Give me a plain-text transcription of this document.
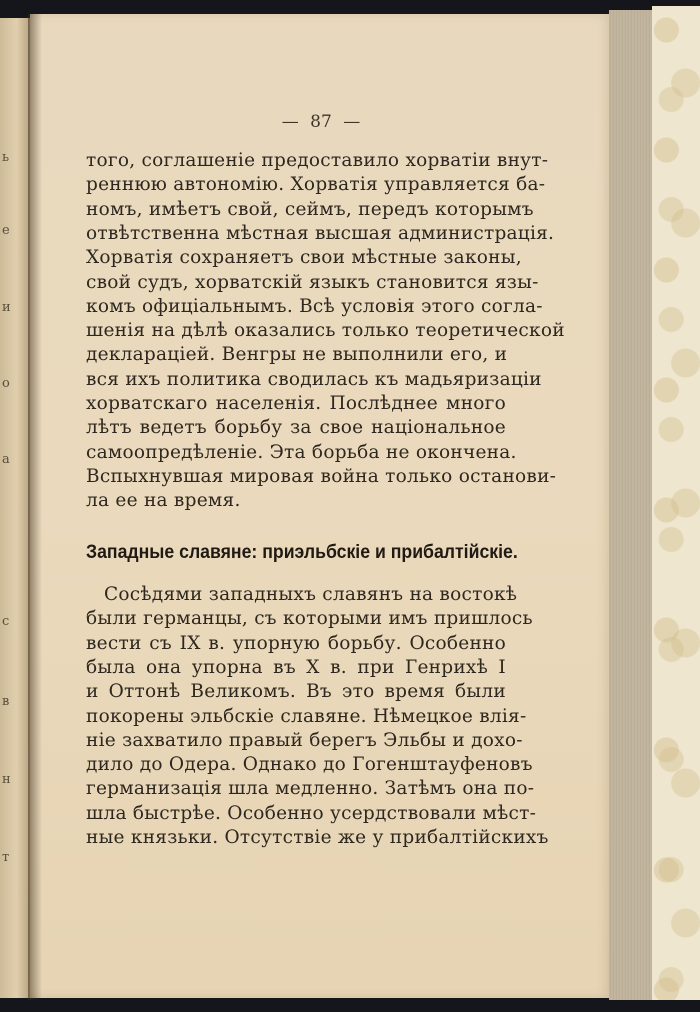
ь
е
и
о
а
с
в
н
т
— 87 —
того, соглашеніе предоставило хорватіи внут-
реннюю автономію. Хорватія управляется ба-
номъ, имѣетъ свой, сеймъ, передъ которымъ
отвѣтственна мѣстная высшая администрація.
Хорватія сохраняетъ свои мѣстные законы,
свой судъ, хорватскій языкъ становится язы-
комъ офиціальнымъ. Всѣ условія этого согла-
шенія на дѣлѣ оказались только теоретической
деклараціей. Венгры не выполнили его, и
вся ихъ политика сводилась къ мадьяризаціи
хорватскаго населенія. Послѣднее много
лѣтъ ведетъ борьбу за свое національное
самоопредѣленіе. Эта борьба не окончена.
Вспыхнувшая мировая война только останови-
ла ее на время.
Западные славяне: приэльбскіе и прибалтійскіе.
Сосѣдями западныхъ славянъ на востокѣ
были германцы, съ которыми имъ пришлось
вести съ IX в. упорную борьбу. Особенно
была она упорна въ X в. при Генрихѣ I
и Оттонѣ Великомъ. Въ это время были
покорены эльбскіе славяне. Нѣмецкое влія-
ніе захватило правый берегъ Эльбы и дохо-
дило до Одера. Однако до Гогенштауфеновъ
германизація шла медленно. Затѣмъ она по-
шла быстрѣе. Особенно усердствовали мѣст-
ные князьки. Отсутствіе же у прибалтійскихъ
